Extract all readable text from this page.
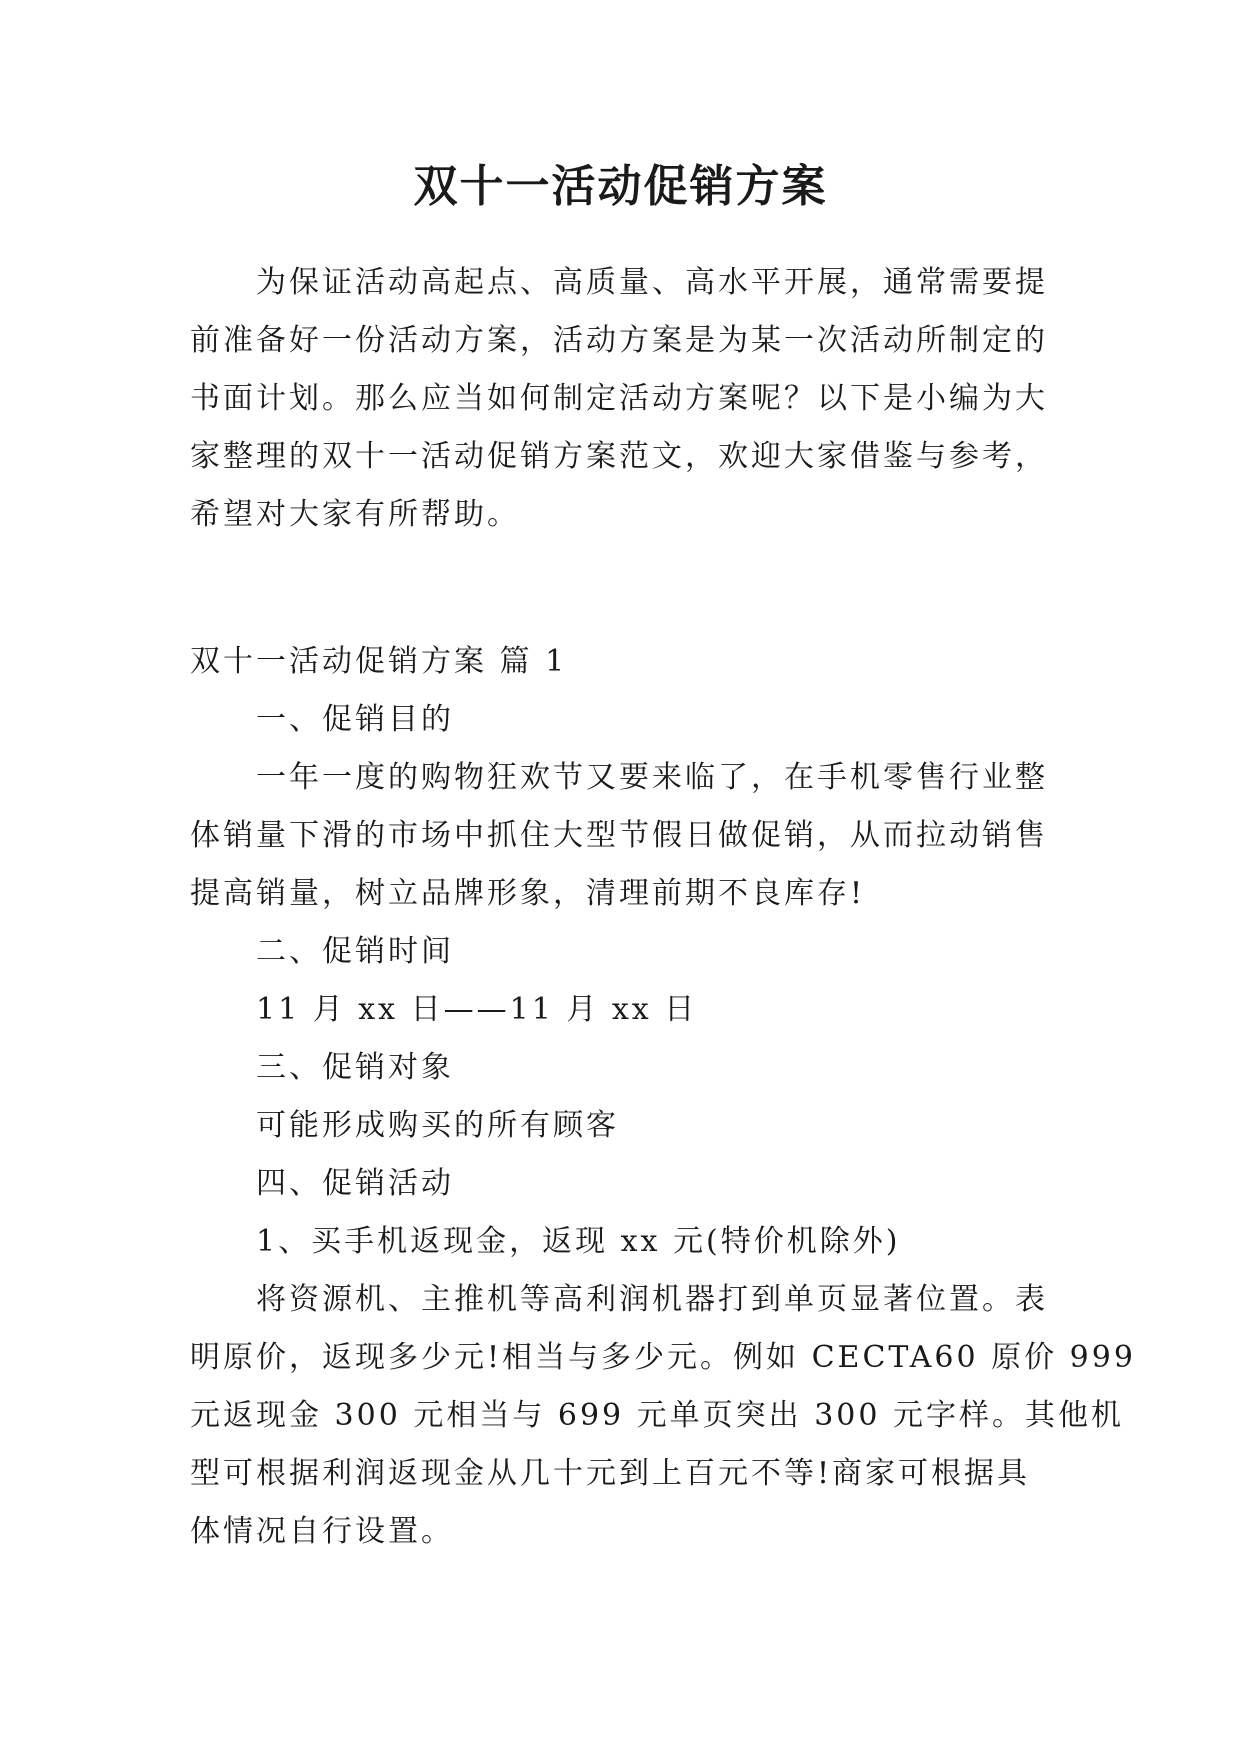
双十一活动促销方案
为保证活动高起点、高质量、高水平开展，通常需要提
前准备好一份活动方案，活动方案是为某一次活动所制定的
书面计划。那么应当如何制定活动方案呢？以下是小编为大
家整理的双十一活动促销方案范文，欢迎大家借鉴与参考，
希望对大家有所帮助。
双十一活动促销方案 篇 1
一、促销目的
一年一度的购物狂欢节又要来临了，在手机零售行业整
体销量下滑的市场中抓住大型节假日做促销，从而拉动销售
提高销量，树立品牌形象，清理前期不良库存!
二、促销时间
11 月 xx 日——11 月 xx 日
三、促销对象
可能形成购买的所有顾客
四、促销活动
1、买手机返现金，返现 xx 元(特价机除外)
将资源机、主推机等高利润机器打到单页显著位置。表
明原价，返现多少元!相当与多少元。例如 CECTA60 原价 999
元返现金 300 元相当与 699 元单页突出 300 元字样。其他机
型可根据利润返现金从几十元到上百元不等!商家可根据具
体情况自行设置。
